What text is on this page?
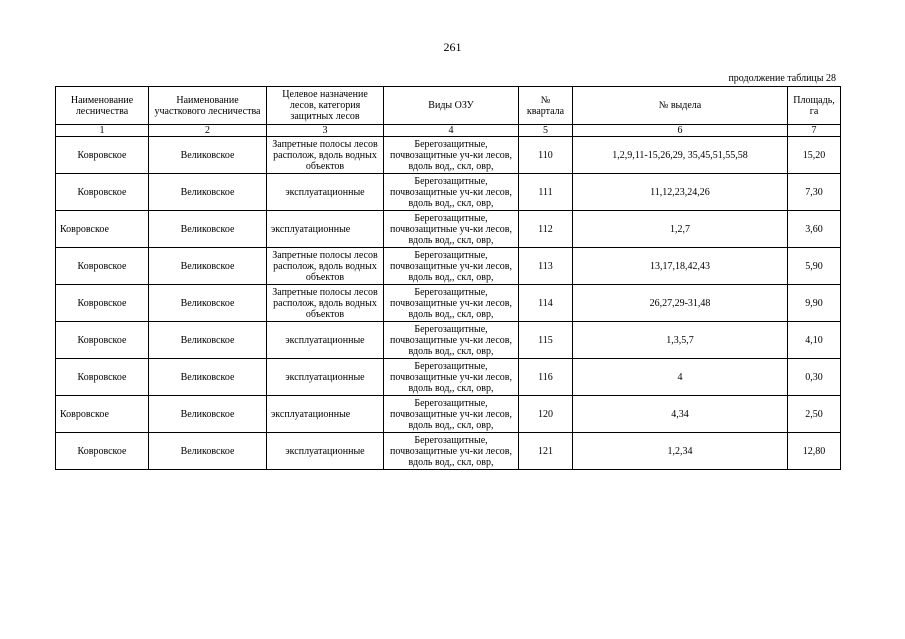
261
продолжение таблицы 28
Наименование лесничества	Наименование участкового лесничества	Целевое назначение лесов, категория защитных лесов	Виды ОЗУ	№ квартала	№ выдела	Площадь, га
1	2	3	4	5	6	7
Ковровское	Великовское	Запретные полосы лесов располож, вдоль водных объектов	Берегозащитные, почвозащитные уч-ки лесов, вдоль вод,, скл, овр,	110	1,2,9,11-15,26,29, 35,45,51,55,58	15,20
Ковровское	Великовское	эксплуатационные	Берегозащитные, почвозащитные уч-ки лесов, вдоль вод,, скл, овр,	111	11,12,23,24,26	7,30
Ковровское	Великовское	эксплуатационные	Берегозащитные, почвозащитные уч-ки лесов, вдоль вод,, скл, овр,	112	1,2,7	3,60
Ковровское	Великовское	Запретные полосы лесов располож, вдоль водных объектов	Берегозащитные, почвозащитные уч-ки лесов, вдоль вод,, скл, овр,	113	13,17,18,42,43	5,90
Ковровское	Великовское	Запретные полосы лесов располож, вдоль водных объектов	Берегозащитные, почвозащитные уч-ки лесов, вдоль вод,, скл, овр,	114	26,27,29-31,48	9,90
Ковровское	Великовское	эксплуатационные	Берегозащитные, почвозащитные уч-ки лесов, вдоль вод,, скл, овр,	115	1,3,5,7	4,10
Ковровское	Великовское	эксплуатационные	Берегозащитные, почвозащитные уч-ки лесов, вдоль вод,, скл, овр,	116	4	0,30
Ковровское	Великовское	эксплуатационные	Берегозащитные, почвозащитные уч-ки лесов, вдоль вод,, скл, овр,	120	4,34	2,50
Ковровское	Великовское	эксплуатационные	Берегозащитные, почвозащитные уч-ки лесов, вдоль вод,, скл, овр,	121	1,2,34	12,80
